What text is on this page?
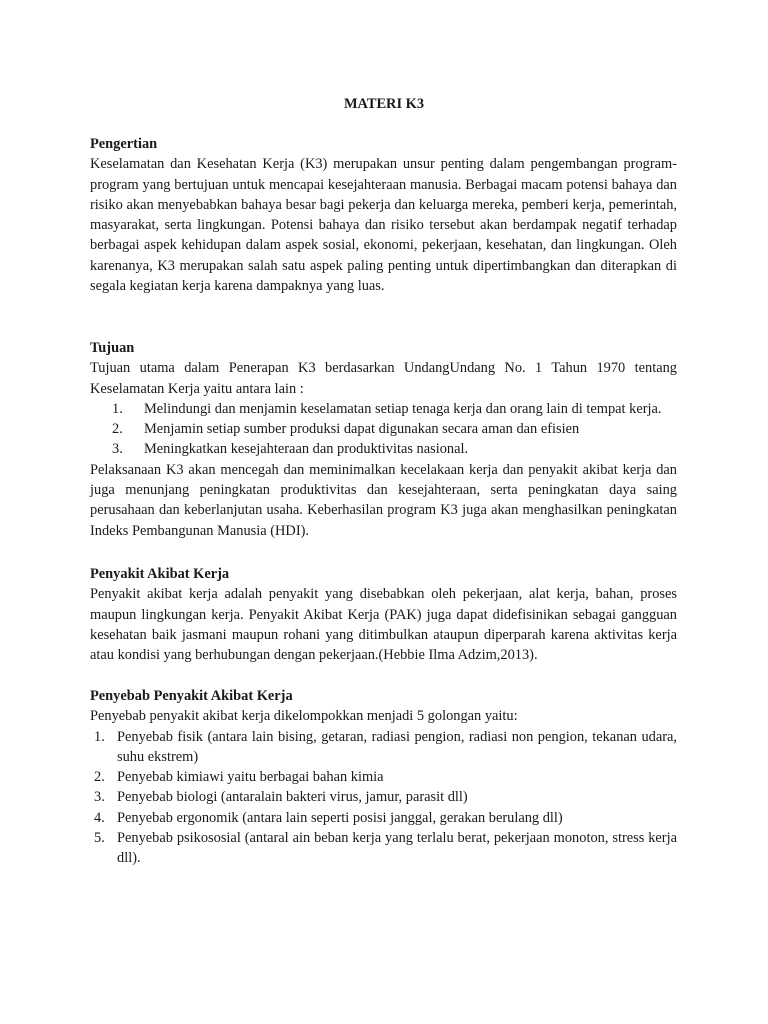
MATERI K3

Pengertian

Keselamatan dan Kesehatan Kerja (K3) merupakan unsur penting dalam pengembangan program-program yang bertujuan untuk mencapai kesejahteraan manusia. Berbagai macam potensi bahaya dan risiko akan menyebabkan bahaya besar bagi pekerja dan keluarga mereka, pemberi kerja, pemerintah, masyarakat, serta lingkungan. Potensi bahaya dan risiko tersebut akan berdampak negatif terhadap berbagai aspek kehidupan dalam aspek sosial, ekonomi, pekerjaan, kesehatan, dan lingkungan. Oleh karenanya, K3 merupakan salah satu aspek paling penting untuk dipertimbangkan dan diterapkan di segala kegiatan kerja karena dampaknya yang luas.

Tujuan

Tujuan utama dalam Penerapan K3 berdasarkan UndangUndang No. 1 Tahun 1970 tentang Keselamatan Kerja yaitu antara lain :

1. Melindungi dan menjamin keselamatan setiap tenaga kerja dan orang lain di tempat kerja.
2. Menjamin setiap sumber produksi dapat digunakan secara aman dan efisien
3. Meningkatkan kesejahteraan dan produktivitas nasional.

Pelaksanaan K3 akan mencegah dan meminimalkan kecelakaan kerja dan penyakit akibat kerja dan juga menunjang peningkatan produktivitas dan kesejahteraan, serta peningkatan daya saing perusahaan dan keberlanjutan usaha. Keberhasilan program K3 juga akan menghasilkan peningkatan Indeks Pembangunan Manusia (HDI).

Penyakit Akibat Kerja

Penyakit akibat kerja adalah penyakit yang disebabkan oleh pekerjaan, alat kerja, bahan, proses maupun lingkungan kerja. Penyakit Akibat Kerja (PAK) juga dapat didefisinikan sebagai gangguan kesehatan baik jasmani maupun rohani yang ditimbulkan ataupun diperparah karena aktivitas kerja atau kondisi yang berhubungan dengan pekerjaan.(Hebbie Ilma Adzim,2013).

Penyebab Penyakit Akibat Kerja

Penyebab penyakit akibat kerja dikelompokkan menjadi 5 golongan yaitu:

1. Penyebab fisik (antara lain bising, getaran, radiasi pengion, radiasi non pengion, tekanan udara, suhu ekstrem)
2. Penyebab kimiawi yaitu berbagai bahan kimia
3. Penyebab biologi (antaralain bakteri virus, jamur, parasit dll)
4. Penyebab ergonomik (antara lain seperti posisi janggal, gerakan berulang dll)
5. Penyebab psikososial (antaral ain beban kerja yang terlalu berat, pekerjaan monoton, stress kerja dll).
